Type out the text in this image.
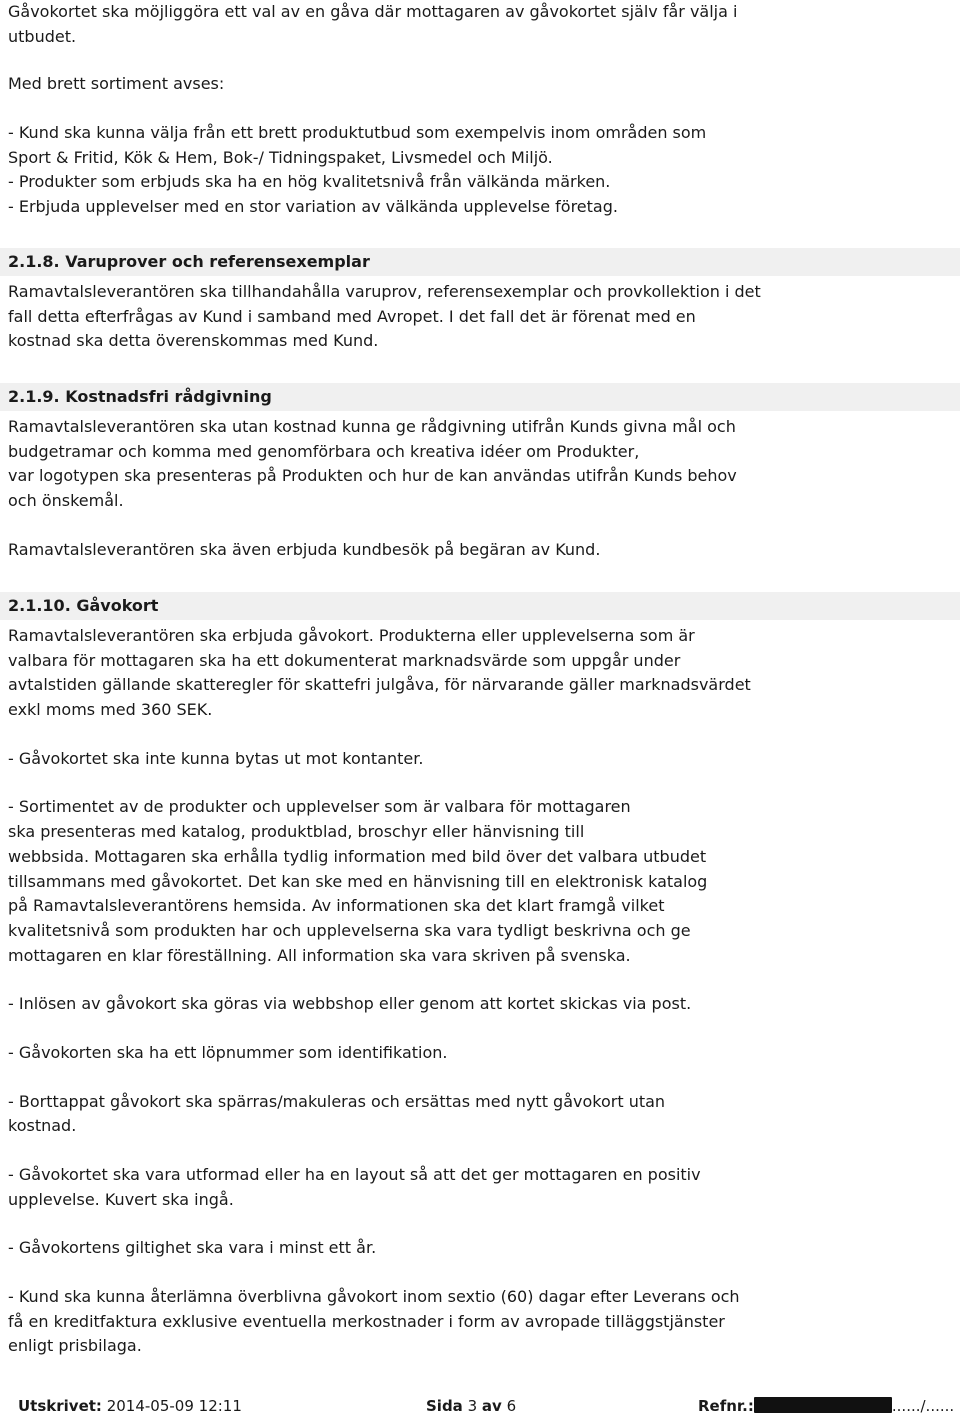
Gåvokortet ska möjliggöra ett val av en gåva där mottagaren av gåvokortet själv får välja i
utbudet.
Med brett sortiment avses:
- Kund ska kunna välja från ett brett produktutbud som exempelvis inom områden som
Sport & Fritid, Kök & Hem, Bok-/ Tidningspaket, Livsmedel och Miljö.
- Produkter som erbjuds ska ha en hög kvalitetsnivå från välkända märken.
- Erbjuda upplevelser med en stor variation av välkända upplevelse företag.
2.1.8. Varuprover och referensexemplar
Ramavtalsleverantören ska tillhandahålla varuprov, referensexemplar och provkollektion i det
fall detta efterfrågas av Kund i samband med Avropet. I det fall det är förenat med en
kostnad ska detta överenskommas med Kund.
2.1.9. Kostnadsfri rådgivning
Ramavtalsleverantören ska utan kostnad kunna ge rådgivning utifrån Kunds givna mål och
budgetramar och komma med genomförbara och kreativa idéer om Produkter,
var logotypen ska presenteras på Produkten och hur de kan användas utifrån Kunds behov
och önskemål.
Ramavtalsleverantören ska även erbjuda kundbesök på begäran av Kund.
2.1.10. Gåvokort
Ramavtalsleverantören ska erbjuda gåvokort. Produkterna eller upplevelserna som är
valbara för mottagaren ska ha ett dokumenterat marknadsvärde som uppgår under
avtalstiden gällande skatteregler för skattefri julgåva, för närvarande gäller marknadsvärdet
exkl moms med 360 SEK.
- Gåvokortet ska inte kunna bytas ut mot kontanter.
- Sortimentet av de produkter och upplevelser som är valbara för mottagaren
ska presenteras med katalog, produktblad, broschyr eller hänvisning till
webbsida. Mottagaren ska erhålla tydlig information med bild över det valbara utbudet
tillsammans med gåvokortet. Det kan ske med en hänvisning till en elektronisk katalog
på Ramavtalsleverantörens hemsida. Av informationen ska det klart framgå vilket
kvalitetsnivå som produkten har och upplevelserna ska vara tydligt beskrivna och ge
mottagaren en klar föreställning. All information ska vara skriven på svenska.
- Inlösen av gåvokort ska göras via webbshop eller genom att kortet skickas via post.
- Gåvokorten ska ha ett löpnummer som identifikation.
- Borttappat gåvokort ska spärras/makuleras och ersättas med nytt gåvokort utan
kostnad.
- Gåvokortet ska vara utformad eller ha en layout så att det ger mottagaren en positiv
upplevelse. Kuvert ska ingå.
- Gåvokortens giltighet ska vara i minst ett år.
- Kund ska kunna återlämna överblivna gåvokort inom sextio (60) dagar efter Leverans och
få en kreditfaktura exklusive eventuella merkostnader i form av avropade tilläggstjänster
enligt prisbilaga.
Utskrivet: 2014-05-09 12:11	Sida 3 av 6	Refnr.:	....../......
